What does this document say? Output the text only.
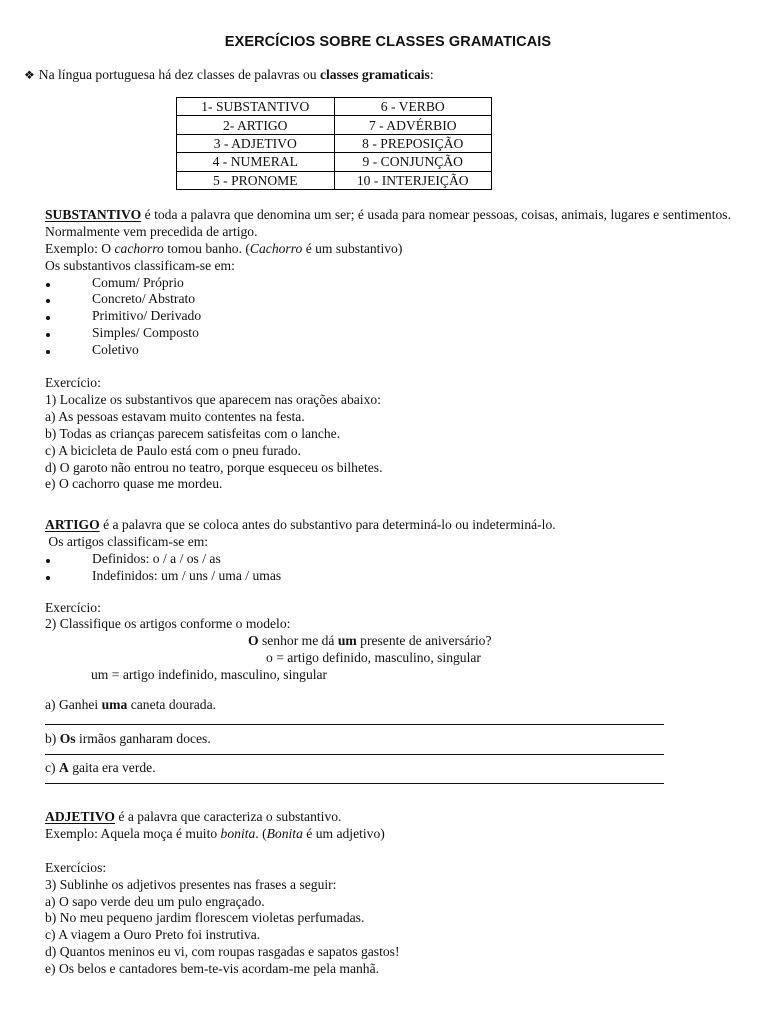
EXERCÍCIOS SOBRE CLASSES GRAMATICAIS
❖ Na língua portuguesa há dez classes de palavras ou classes gramaticais:
1- SUBSTANTIVO	6 - VERBO
2- ARTIGO	7 - ADVÉRBIO
3 - ADJETIVO	8 - PREPOSIÇÃO
4 - NUMERAL	9 - CONJUNÇÃO
5 - PRONOME	10 - INTERJEIÇÃO
SUBSTANTIVO é toda a palavra que denomina um ser; é usada para nomear pessoas, coisas, animais, lugares e sentimentos. Normalmente vem precedida de artigo.
Exemplo: O cachorro tomou banho. (Cachorro é um substantivo)
Os substantivos classificam-se em:
Comum/ Próprio
Concreto/ Abstrato
Primitivo/ Derivado
Simples/ Composto
Coletivo
Exercício:
1) Localize os substantivos que aparecem nas orações abaixo:
a) As pessoas estavam muito contentes na festa.
b) Todas as crianças parecem satisfeitas com o lanche.
c) A bicicleta de Paulo está com o pneu furado.
d) O garoto não entrou no teatro, porque esqueceu os bilhetes.
e) O cachorro quase me mordeu.
ARTIGO é a palavra que se coloca antes do substantivo para determiná-lo ou indeterminá-lo.
Os artigos classificam-se em:
Definidos: o / a / os / as
Indefinidos: um / uns / uma / umas
Exercício:
2) Classifique os artigos conforme o modelo:
O senhor me dá um presente de aniversário?
o = artigo definido, masculino, singular
um = artigo indefinido, masculino, singular
a) Ganhei uma caneta dourada.
b) Os irmãos ganharam doces.
c) A gaita era verde.
ADJETIVO é a palavra que caracteriza o substantivo.
Exemplo: Aquela moça é muito bonita. (Bonita é um adjetivo)
Exercícios:
3) Sublinhe os adjetivos presentes nas frases a seguir:
a) O sapo verde deu um pulo engraçado.
b) No meu pequeno jardim florescem violetas perfumadas.
c) A viagem a Ouro Preto foi instrutiva.
d) Quantos meninos eu vi, com roupas rasgadas e sapatos gastos!
e) Os belos e cantadores bem-te-vis acordam-me pela manhã.
